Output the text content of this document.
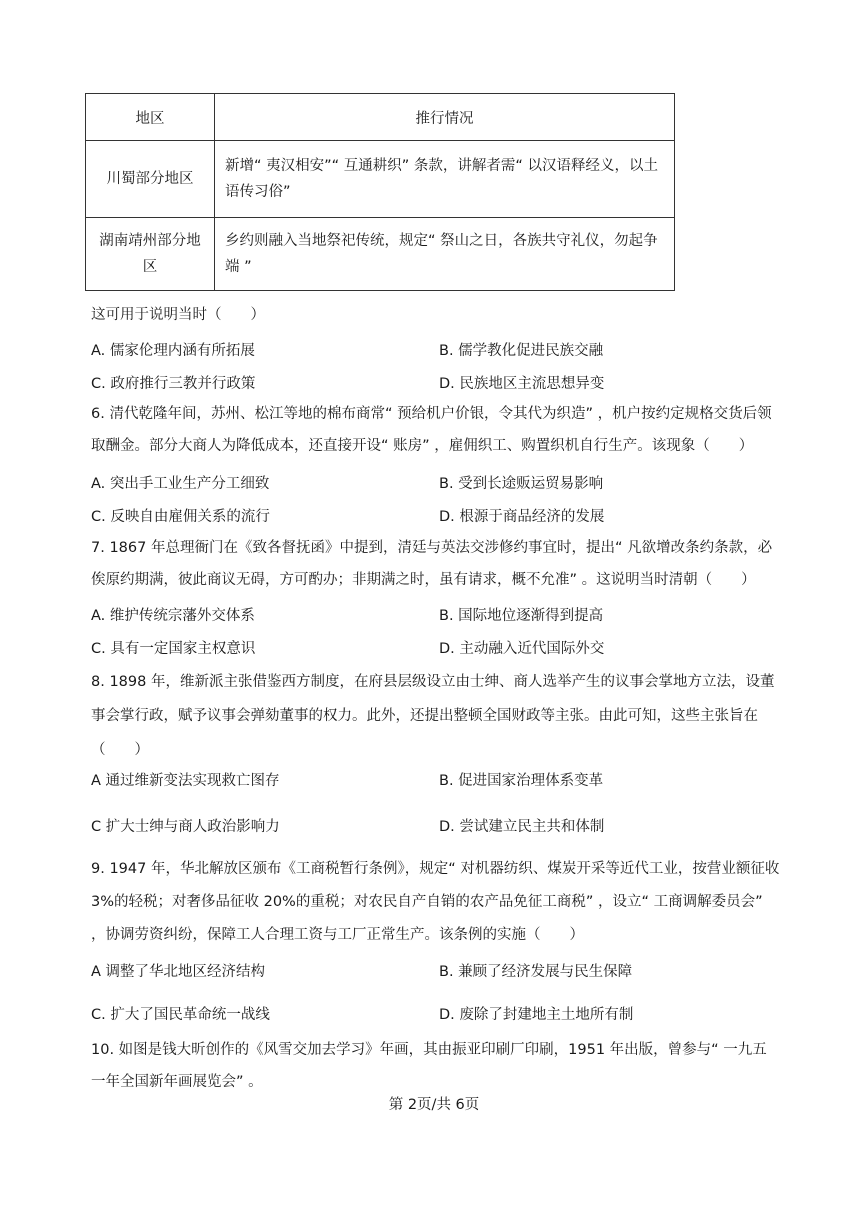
地区	推行情况
川蜀部分地区	新增“ 夷汉相安”“ 互通耕织” 条款，讲解者需“ 以汉语释经义，以土语传习俗”
湖南靖州部分地区	乡约则融入当地祭祀传统，规定“ 祭山之日，各族共守礼仪，勿起争端 ”
这可用于说明当时（　　）
A. 儒家伦理内涵有所拓展	B. 儒学教化促进民族交融
C. 政府推行三教并行政策	D. 民族地区主流思想异变
6. 清代乾隆年间，苏州、松江等地的棉布商常“ 预给机户价银，令其代为织造” ，机户按约定规格交货后领取酬金。部分大商人为降低成本，还直接开设“ 账房” ，雇佣织工、购置织机自行生产。该现象（　　）
A. 突出手工业生产分工细致	B. 受到长途贩运贸易影响
C. 反映自由雇佣关系的流行	D. 根源于商品经济的发展
7. 1867 年总理衙门在《致各督抚函》中提到，清廷与英法交涉修约事宜时，提出“ 凡欲增改条约条款，必俟原约期满，彼此商议无碍，方可酌办；非期满之时，虽有请求，概不允准” 。这说明当时清朝（　　）
A. 维护传统宗藩外交体系	B. 国际地位逐渐得到提高
C. 具有一定国家主权意识	D. 主动融入近代国际外交
8. 1898 年，维新派主张借鉴西方制度，在府县层级设立由士绅、商人选举产生的议事会掌地方立法，设董事会掌行政，赋予议事会弹劾董事的权力。此外，还提出整顿全国财政等主张。由此可知，这些主张旨在（　　）
A 通过维新变法实现救亡图存	B. 促进国家治理体系变革
C 扩大士绅与商人政治影响力	D. 尝试建立民主共和体制
9. 1947 年，华北解放区颁布《工商税暂行条例》，规定“ 对机器纺织、煤炭开采等近代工业，按营业额征收 3%的轻税；对奢侈品征收 20%的重税；对农民自产自销的农产品免征工商税” ，设立“ 工商调解委员会” ，协调劳资纠纷，保障工人合理工资与工厂正常生产。该条例的实施（　　）
A 调整了华北地区经济结构	B. 兼顾了经济发展与民生保障
C. 扩大了国民革命统一战线	D. 废除了封建地主土地所有制
10. 如图是钱大昕创作的《风雪交加去学习》年画，其由振亚印刷厂印刷，1951 年出版，曾参与“ 一九五一年全国新年画展览会” 。
第 2页/共 6页
